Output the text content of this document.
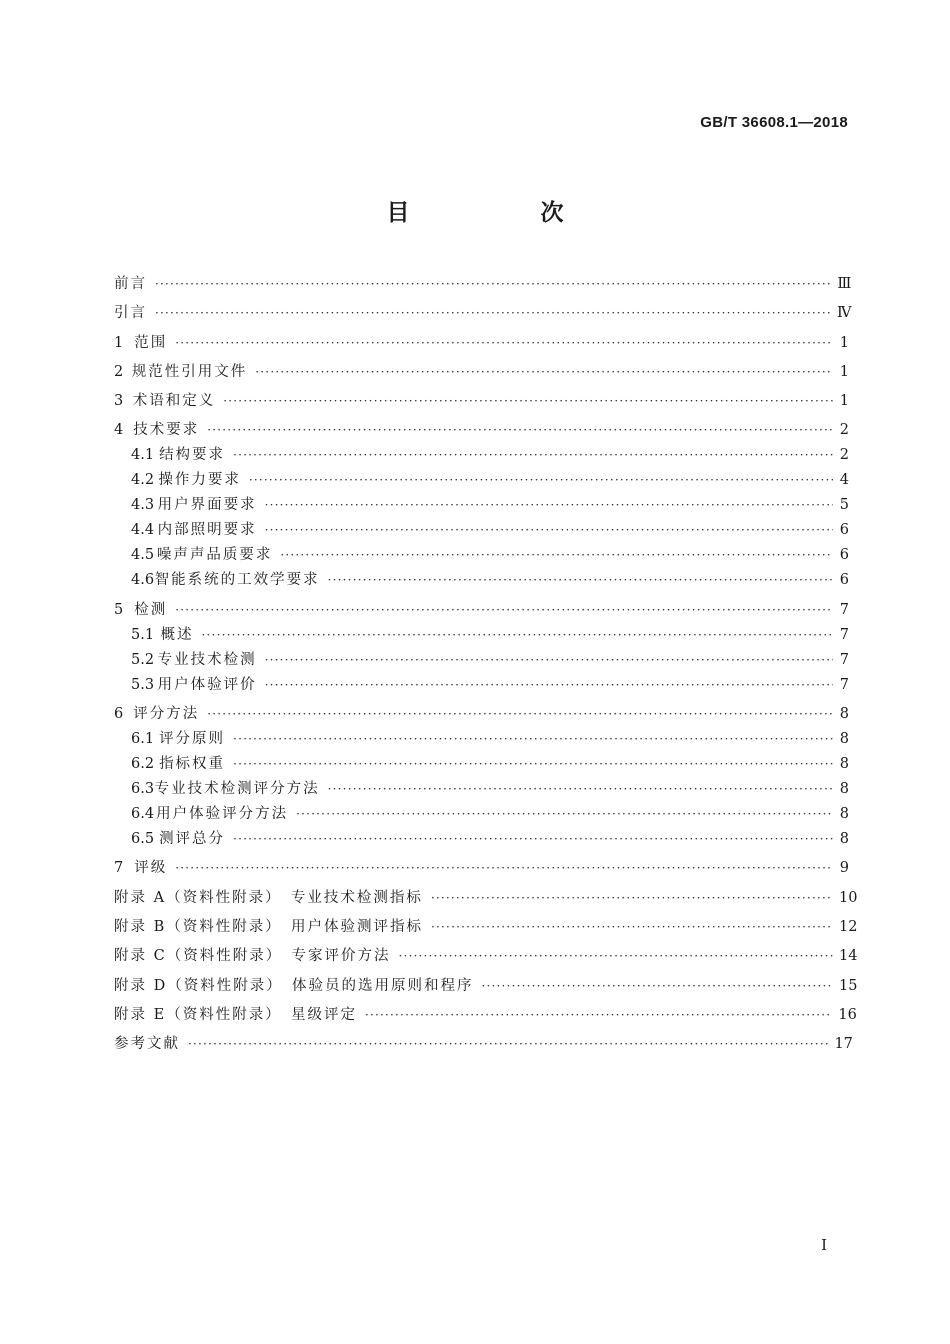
GB/T 36608.1—2018
目　次
前言 ·····	Ⅲ
引言 ·····	Ⅳ
1 范围 ·····	1
2 规范性引用文件 ·····	1
3 术语和定义 ·····	1
4 技术要求 ·····	2
4.1 结构要求 ·····	2
4.2 操作力要求 ·····	4
4.3 用户界面要求 ·····	5
4.4 内部照明要求 ·····	6
4.5 噪声声品质要求 ·····	6
4.6 智能系统的工效学要求 ·····	6
5 检测 ·····	7
5.1 概述 ·····	7
5.2 专业技术检测 ·····	7
5.3 用户体验评价 ·····	7
6 评分方法 ·····	8
6.1 评分原则 ·····	8
6.2 指标权重 ·····	8
6.3 专业技术检测评分方法 ·····	8
6.4 用户体验评分方法 ·····	8
6.5 测评总分 ·····	8
7 评级 ·····	9
附录 A（资料性附录）　专业技术检测指标 ·····	10
附录 B（资料性附录）　用户体验测评指标 ·····	12
附录 C（资料性附录）　专家评价方法 ·····	14
附录 D（资料性附录）　体验员的选用原则和程序 ·····	15
附录 E（资料性附录）　星级评定 ·····	16
参考文献 ·····	17
Ⅰ
